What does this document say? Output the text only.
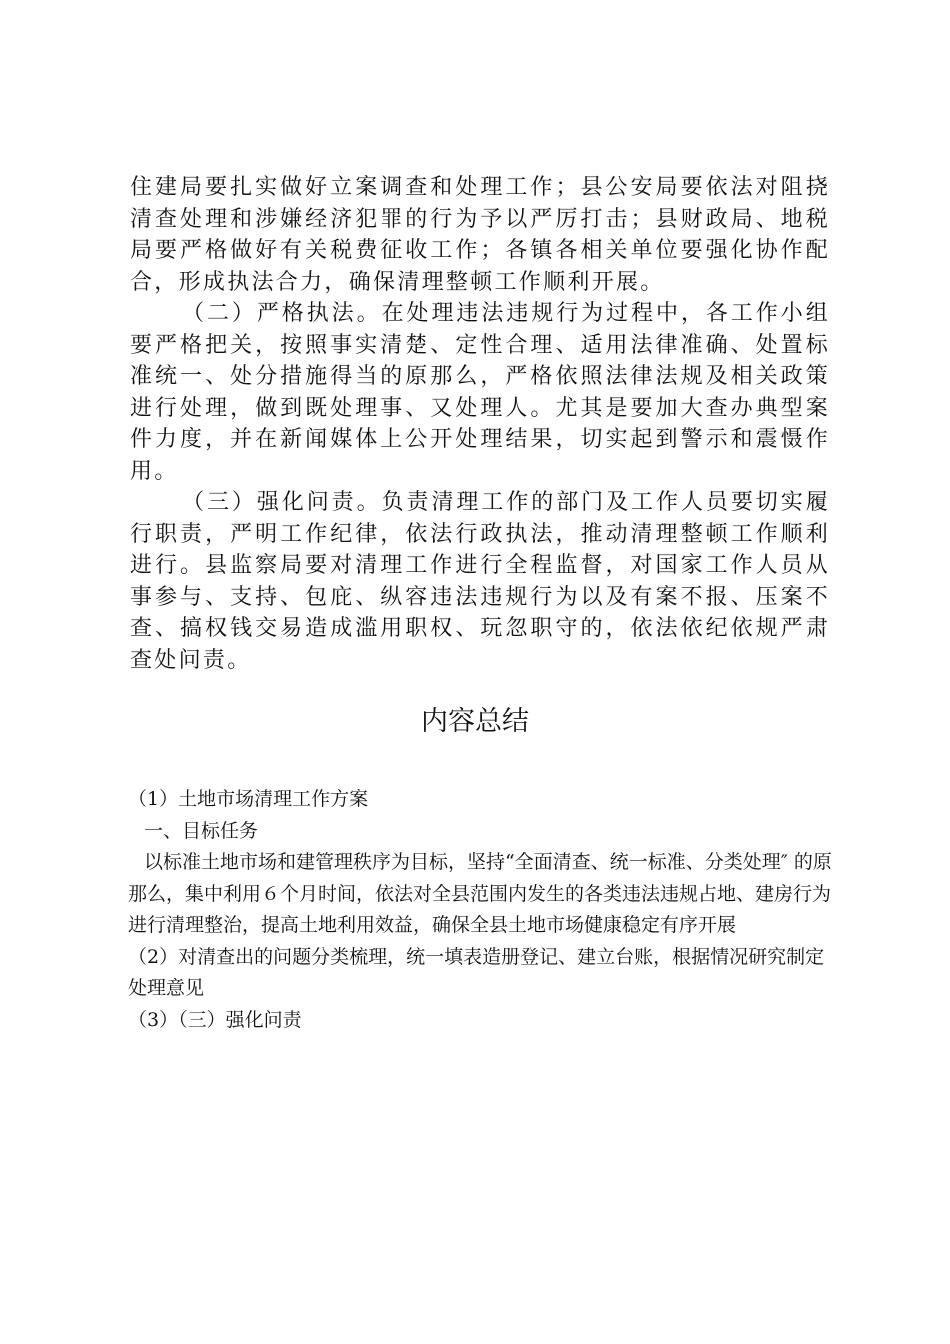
住建局要扎实做好立案调查和处理工作；县公安局要依法对阻挠清查处理和涉嫌经济犯罪的行为予以严厉打击；县财政局、地税局要严格做好有关税费征收工作；各镇各相关单位要强化协作配合，形成执法合力，确保清理整顿工作顺利开展。

（二）严格执法。在处理违法违规行为过程中，各工作小组要严格把关，按照事实清楚、定性合理、适用法律准确、处置标准统一、处分措施得当的原那么，严格依照法律法规及相关政策进行处理，做到既处理事、又处理人。尤其是要加大查办典型案件力度，并在新闻媒体上公开处理结果，切实起到警示和震慑作用。

（三）强化问责。负责清理工作的部门及工作人员要切实履行职责，严明工作纪律，依法行政执法，推动清理整顿工作顺利进行。县监察局要对清理工作进行全程监督，对国家工作人员从事参与、支持、包庇、纵容违法违规行为以及有案不报、压案不查、搞权钱交易造成滥用职权、玩忽职守的，依法依纪依规严肃查处问责。

内容总结

（1）土地市场清理工作方案

一、目标任务

以标准土地市场和建管理秩序为目标，坚持“全面清查、统一标准、分类处理″ 的原那么，集中利用６个月时间，依法对全县范围内发生的各类违法违规占地、建房行为进行清理整治，提高土地利用效益，确保全县土地市场健康稳定有序开展

（2）对清查出的问题分类梳理，统一填表造册登记、建立台账，根据情况研究制定处理意见

（3）（三）强化问责
